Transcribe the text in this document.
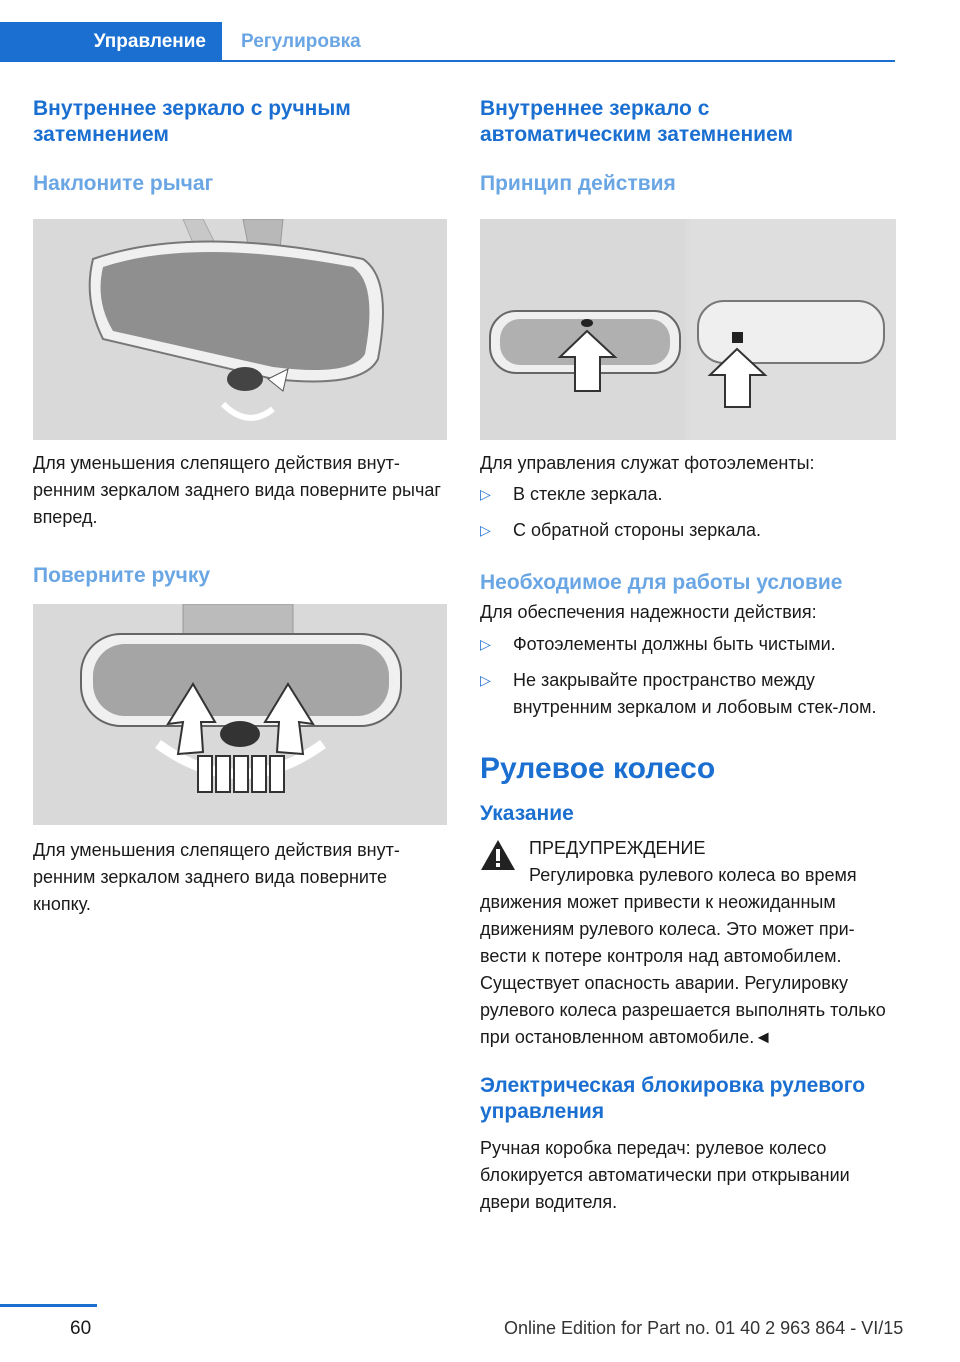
Управление	Регулировка
Внутреннее зеркало с ручным затемнением
Наклоните рычаг

Для уменьшения слепящего действия внут‐ренним зеркалом заднего вида поверните рычаг вперед.

Поверните ручку

Для уменьшения слепящего действия внут‐ренним зеркалом заднего вида поверните кнопку.

Внутреннее зеркало с автоматическим затемнением
Принцип действия

Для управления служат фотоэлементы:

▷ В стекле зеркала.
▷ С обратной стороны зеркала.
Необходимое для работы условие

Для обеспечения надежности действия:

▷ Фотоэлементы должны быть чистыми.
▷ Не закрывайте пространство между внутренним зеркалом и лобовым стек‐лом.
Рулевое колесо
Указание
ПРЕДУПРЕЖДЕНИЕ

Регулировка рулевого колеса во время движения может привести к неожиданным движениям рулевого колеса. Это может при‐вести к потере контроля над автомобилем. Существует опасность аварии. Регулировку рулевого колеса разрешается выполнять только при остановленном автомобиле.◄

Электрическая блокировка рулевого управления

Ручная коробка передач: рулевое колесо блокируется автоматически при открывании двери водителя.

60	Online Edition for Part no. 01 40 2 963 864 - VI/15
